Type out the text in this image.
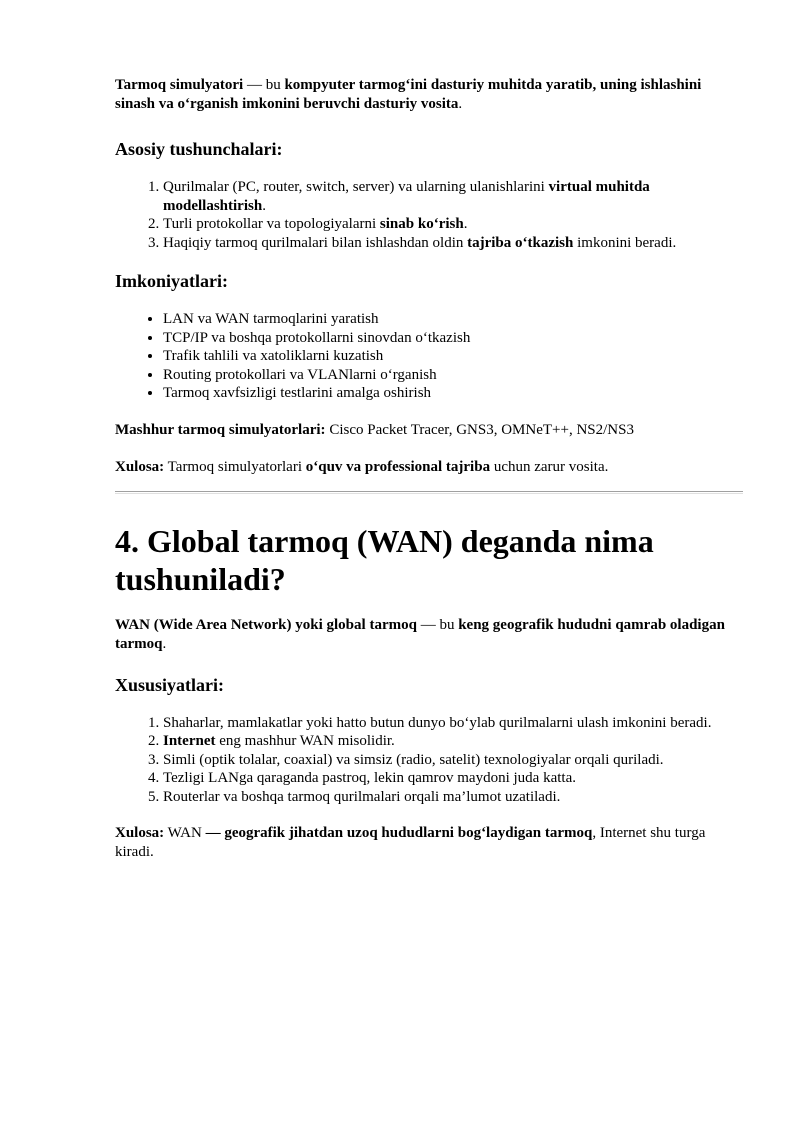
Tarmoq simulyatori — bu kompyuter tarmog‘ini dasturiy muhitda yaratib, uning ishlashini sinash va o‘rganish imkonini beruvchi dasturiy vosita.

Asosiy tushunchalari:
1. Qurilmalar (PC, router, switch, server) va ularning ulanishlarini virtual muhitda modellashtirish.
2. Turli protokollar va topologiyalarni sinab ko‘rish.
3. Haqiqiy tarmoq qurilmalari bilan ishlashdan oldin tajriba o‘tkazish imkonini beradi.
Imkoniyatlari:
• LAN va WAN tarmoqlarini yaratish
• TCP/IP va boshqa protokollarni sinovdan o‘tkazish
• Trafik tahlili va xatoliklarni kuzatish
• Routing protokollari va VLANlarni o‘rganish
• Tarmoq xavfsizligi testlarini amalga oshirish

Mashhur tarmoq simulyatorlari: Cisco Packet Tracer, GNS3, OMNeT++, NS2/NS3

Xulosa: Tarmoq simulyatorlari o‘quv va professional tajriba uchun zarur vosita.

4. Global tarmoq (WAN) deganda nima tushuniladi?

WAN (Wide Area Network) yoki global tarmoq — bu keng geografik hududni qamrab oladigan tarmoq.

Xususiyatlari:
1. Shaharlar, mamlakatlar yoki hatto butun dunyo bo‘ylab qurilmalarni ulash imkonini beradi.
2. Internet eng mashhur WAN misolidir.
3. Simli (optik tolalar, coaxial) va simsiz (radio, satelit) texnologiyalar orqali quriladi.
4. Tezligi LANga qaraganda pastroq, lekin qamrov maydoni juda katta.
5. Routerlar va boshqa tarmoq qurilmalari orqali ma’lumot uzatiladi.

Xulosa: WAN — geografik jihatdan uzoq hududlarni bog‘laydigan tarmoq, Internet shu turga kiradi.
